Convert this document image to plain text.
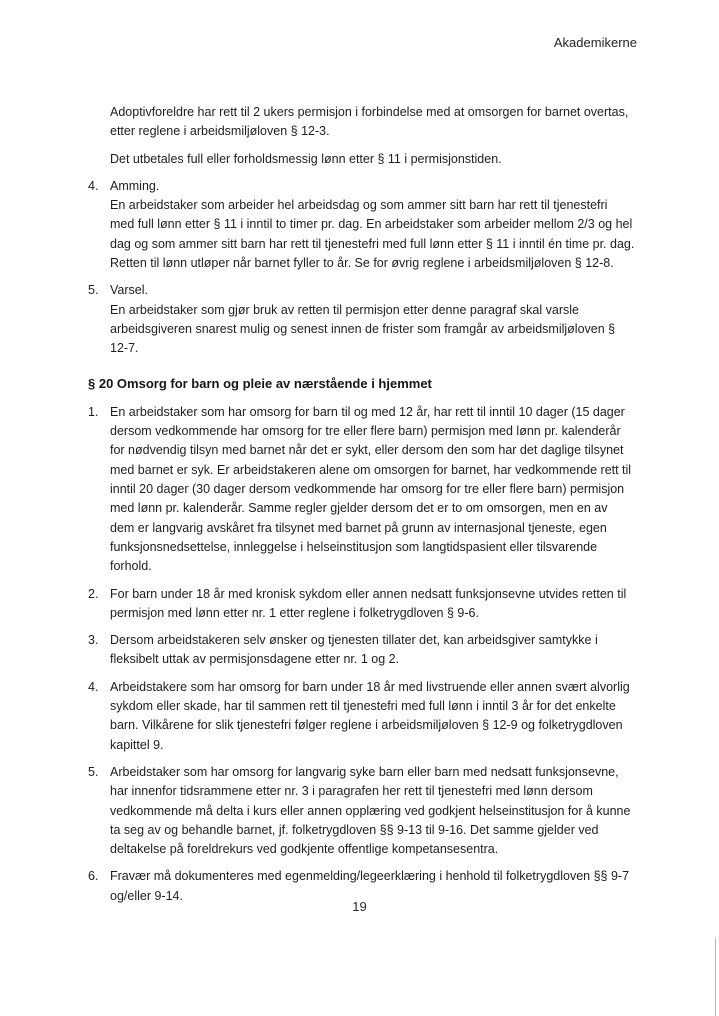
Akademikerne

Adoptivforeldre har rett til 2 ukers permisjon i forbindelse med at omsorgen for barnet overtas, etter reglene i arbeidsmiljøloven § 12-3.

Det utbetales full eller forholdsmessig lønn etter § 11 i permisjonstiden.

4. Amming.
En arbeidstaker som arbeider hel arbeidsdag og som ammer sitt barn har rett til tjenestefri med full lønn etter § 11 i inntil to timer pr. dag. En arbeidstaker som arbeider mellom 2/3 og hel dag og som ammer sitt barn har rett til tjenestefri med full lønn etter § 11 i inntil én time pr. dag. Retten til lønn utløper når barnet fyller to år. Se for øvrig reglene i arbeidsmiljøloven § 12-8.
5. Varsel.
En arbeidstaker som gjør bruk av retten til permisjon etter denne paragraf skal varsle arbeidsgiveren snarest mulig og senest innen de frister som framgår av arbeidsmiljøloven § 12-7.
§ 20 Omsorg for barn og pleie av nærstående i hjemmet
1. En arbeidstaker som har omsorg for barn til og med 12 år, har rett til inntil 10 dager (15 dager dersom vedkommende har omsorg for tre eller flere barn) permisjon med lønn pr. kalenderår for nødvendig tilsyn med barnet når det er sykt, eller dersom den som har det daglige tilsynet med barnet er syk. Er arbeidstakeren alene om omsorgen for barnet, har vedkommende rett til inntil 20 dager (30 dager dersom vedkommende har omsorg for tre eller flere barn) permisjon med lønn pr. kalenderår. Samme regler gjelder dersom det er to om omsorgen, men en av dem er langvarig avskåret fra tilsynet med barnet på grunn av internasjonal tjeneste, egen funksjonsnedsettelse, innleggelse i helseinstitusjon som langtidspasient eller tilsvarende forhold.
2. For barn under 18 år med kronisk sykdom eller annen nedsatt funksjonsevne utvides retten til permisjon med lønn etter nr. 1 etter reglene i folketrygdloven § 9-6.
3. Dersom arbeidstakeren selv ønsker og tjenesten tillater det, kan arbeidsgiver samtykke i fleksibelt uttak av permisjonsdagene etter nr. 1 og 2.
4. Arbeidstakere som har omsorg for barn under 18 år med livstruende eller annen svært alvorlig sykdom eller skade, har til sammen rett til tjenestefri med full lønn i inntil 3 år for det enkelte barn. Vilkårene for slik tjenestefri følger reglene i arbeidsmiljøloven § 12-9 og folketrygdloven kapittel 9.
5. Arbeidstaker som har omsorg for langvarig syke barn eller barn med nedsatt funksjonsevne, har innenfor tidsrammene etter nr. 3 i paragrafen her rett til tjenestefri med lønn dersom vedkommende må delta i kurs eller annen opplæring ved godkjent helseinstitusjon for å kunne ta seg av og behandle barnet, jf. folketrygdloven §§ 9-13 til 9-16. Det samme gjelder ved deltakelse på foreldrekurs ved godkjente offentlige kompetansesentra.
6. Fravær må dokumenteres med egenmelding/legeerklæring i henhold til folketrygdloven §§ 9-7 og/eller 9-14.
19
